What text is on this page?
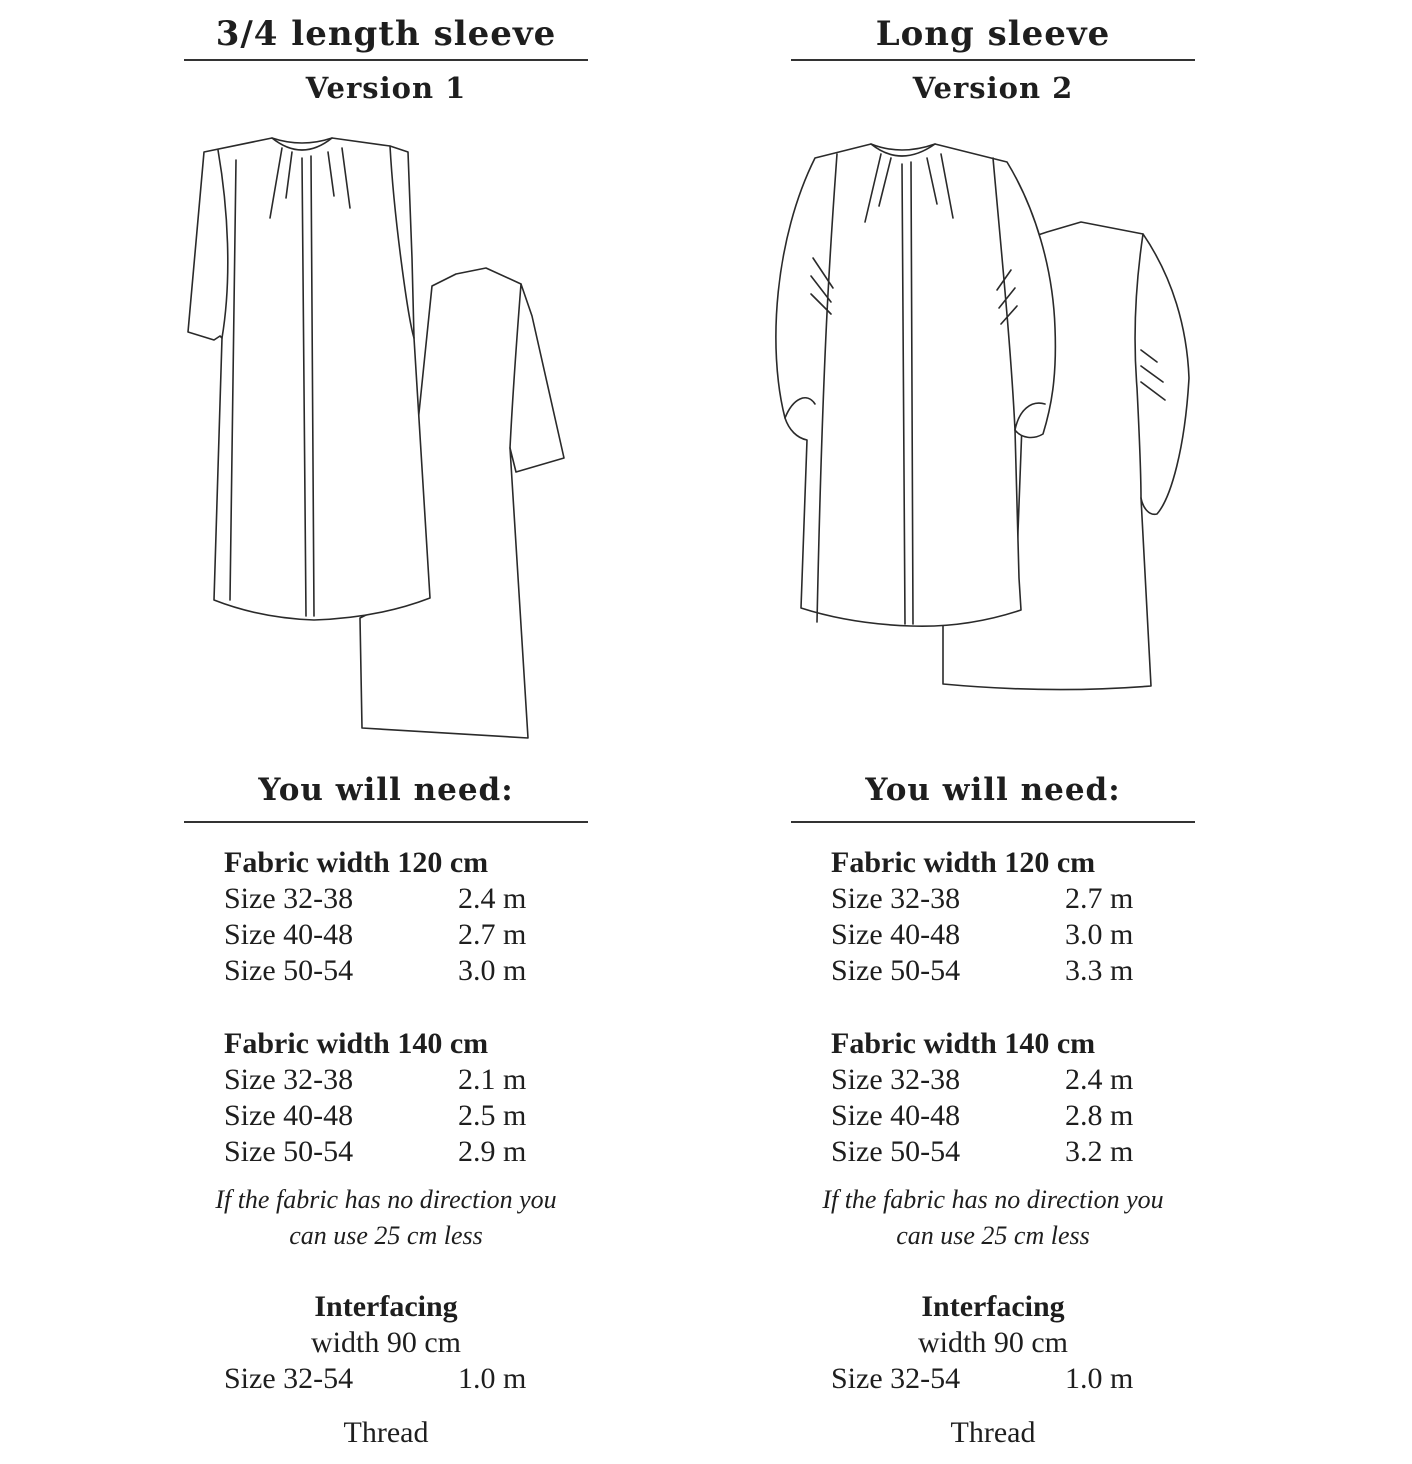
3/4 length sleeve
Version 1
You will need:
Fabric width 120 cm
Size 32-38	2.4 m
Size 40-48	2.7 m
Size 50-54	3.0 m
Fabric width 140 cm
Size 32-38	2.1 m
Size 40-48	2.5 m
Size 50-54	2.9 m
If the fabric has no direction you
can use 25 cm less
Interfacing
width 90 cm
Size 32-54	1.0 m
Thread
Long sleeve
Version 2
You will need:
Fabric width 120 cm
Size 32-38	2.7 m
Size 40-48	3.0 m
Size 50-54	3.3 m
Fabric width 140 cm
Size 32-38	2.4 m
Size 40-48	2.8 m
Size 50-54	3.2 m
If the fabric has no direction you
can use 25 cm less
Interfacing
width 90 cm
Size 32-54	1.0 m
Thread
